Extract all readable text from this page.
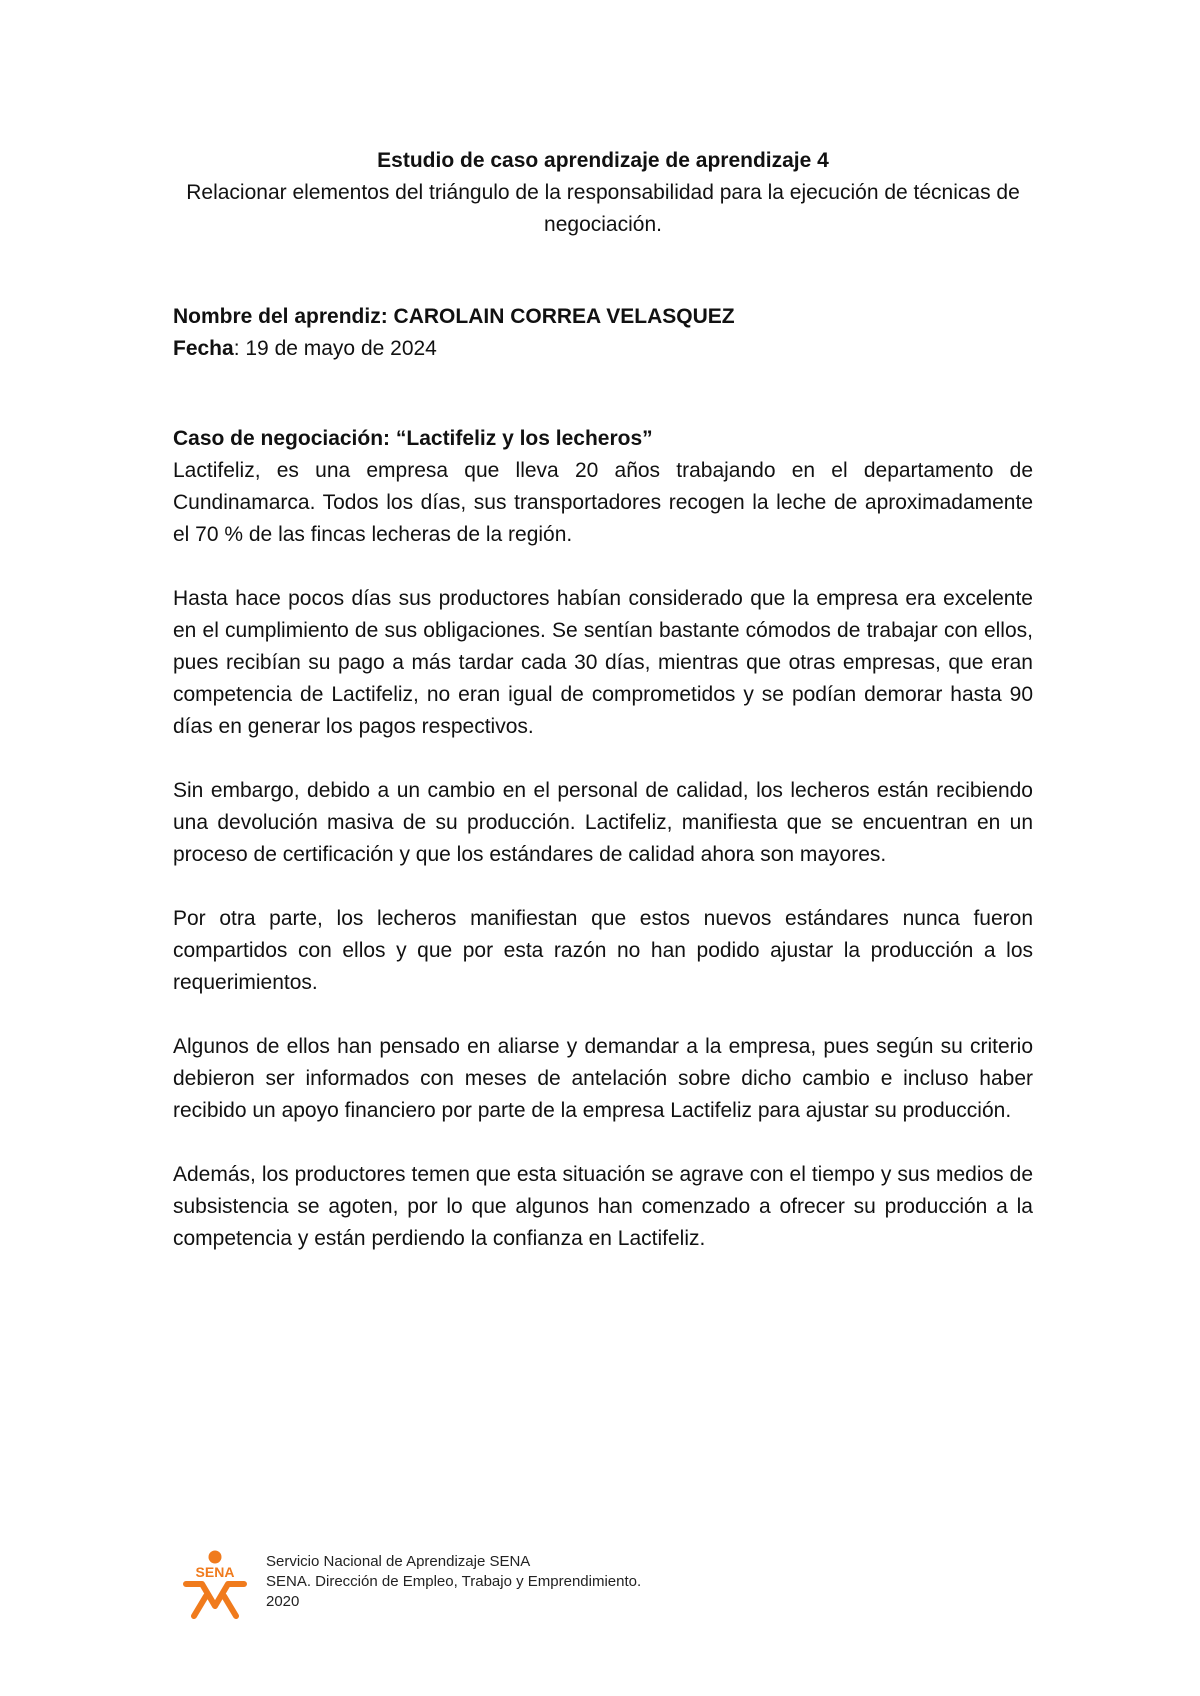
Estudio de caso aprendizaje de aprendizaje 4

Relacionar elementos del triángulo de la responsabilidad para la ejecución de técnicas de negociación.

Nombre del aprendiz: CAROLAIN CORREA VELASQUEZ

Fecha: 19 de mayo de 2024

Caso de negociación: “Lactifeliz y los lecheros”

Lactifeliz, es una empresa que lleva 20 años trabajando en el departamento de Cundinamarca. Todos los días, sus transportadores recogen la leche de aproximadamente el 70 % de las fincas lecheras de la región.

Hasta hace pocos días sus productores habían considerado que la empresa era excelente en el cumplimiento de sus obligaciones. Se sentían bastante cómodos de trabajar con ellos, pues recibían su pago a más tardar cada 30 días, mientras que otras empresas, que eran competencia de Lactifeliz, no eran igual de comprometidos y se podían demorar hasta 90 días en generar los pagos respectivos.

Sin embargo, debido a un cambio en el personal de calidad, los lecheros están recibiendo una devolución masiva de su producción. Lactifeliz, manifiesta que se encuentran en un proceso de certificación y que los estándares de calidad ahora son mayores.

Por otra parte, los lecheros manifiestan que estos nuevos estándares nunca fueron compartidos con ellos y que por esta razón no han podido ajustar la producción a los requerimientos.

Algunos de ellos han pensado en aliarse y demandar a la empresa, pues según su criterio debieron ser informados con meses de antelación sobre dicho cambio e incluso haber recibido un apoyo financiero por parte de la empresa Lactifeliz para ajustar su producción.

Además, los productores temen que esta situación se agrave con el tiempo y sus medios de subsistencia se agoten, por lo que algunos han comenzado a ofrecer su producción a la competencia y están perdiendo la confianza en Lactifeliz.

SENA

Servicio Nacional de Aprendizaje SENA

SENA. Dirección de Empleo, Trabajo y Emprendimiento.

2020
